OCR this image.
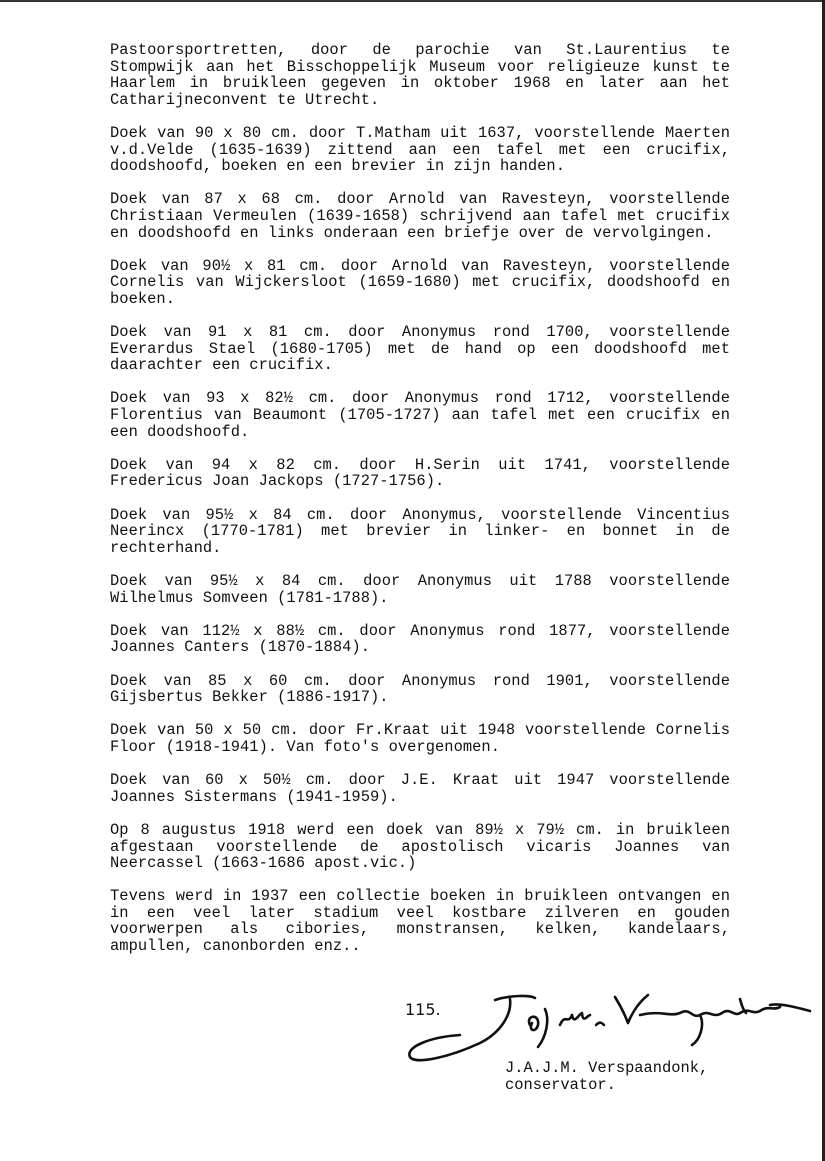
Pastoorsportretten, door de parochie van St.Laurentius te Stompwijk aan het Bisschoppelijk Museum voor religieuze kunst te Haarlem in bruikleen gegeven in oktober 1968 en later aan het Catharijneconvent te Utrecht.

Doek van 90 x 80 cm. door T.Matham uit 1637, voorstellende Maerten v.d.Velde (1635-1639) zittend aan een tafel met een crucifix, doodshoofd, boeken en een brevier in zijn handen.

Doek van 87 x 68 cm. door Arnold van Ravesteyn, voorstellende Christiaan Vermeulen (1639-1658) schrijvend aan tafel met crucifix en doodshoofd en links onderaan een briefje over de vervolgingen.

Doek van 90½ x 81 cm. door Arnold van Ravesteyn, voorstellende Cornelis van Wijckersloot (1659-1680) met crucifix, doodshoofd en boeken.

Doek van 91 x 81 cm. door Anonymus rond 1700, voorstellende Everardus Stael (1680-1705) met de hand op een doodshoofd met daarachter een crucifix.

Doek van 93 x 82½ cm. door Anonymus rond 1712, voorstellende Florentius van Beaumont (1705-1727) aan tafel met een crucifix en een doodshoofd.

Doek van 94 x 82 cm. door H.Serin uit 1741, voorstellende Fredericus Joan Jackops (1727-1756).

Doek van 95½ x 84 cm. door Anonymus, voorstellende Vincentius Neerincx (1770-1781) met brevier in linker- en bonnet in de rechterhand.

Doek van 95½ x 84 cm. door Anonymus uit 1788 voorstellende Wilhelmus Somveen (1781-1788).

Doek van 112½ x 88½ cm. door Anonymus rond 1877, voorstellende Joannes Canters (1870-1884).

Doek van 85 x 60 cm. door Anonymus rond 1901, voorstellende Gijsbertus Bekker (1886-1917).

Doek van 50 x 50 cm. door Fr.Kraat uit 1948 voorstellende Cornelis Floor (1918-1941). Van foto's overgenomen.

Doek van 60 x 50½ cm. door J.E. Kraat uit 1947 voorstellende Joannes Sistermans (1941-1959).

Op 8 augustus 1918 werd een doek van 89½ x 79½ cm. in bruikleen afgestaan voorstellende de apostolisch vicaris Joannes van Neercassel (1663-1686 apost.vic.)

Tevens werd in 1937 een collectie boeken in bruikleen ontvangen en in een veel later stadium veel kostbare zilveren en gouden voorwerpen als cibories, monstransen, kelken, kandelaars, ampullen, canonborden enz..

115.
J.A.J.M. Verspaandonk,
conservator.
